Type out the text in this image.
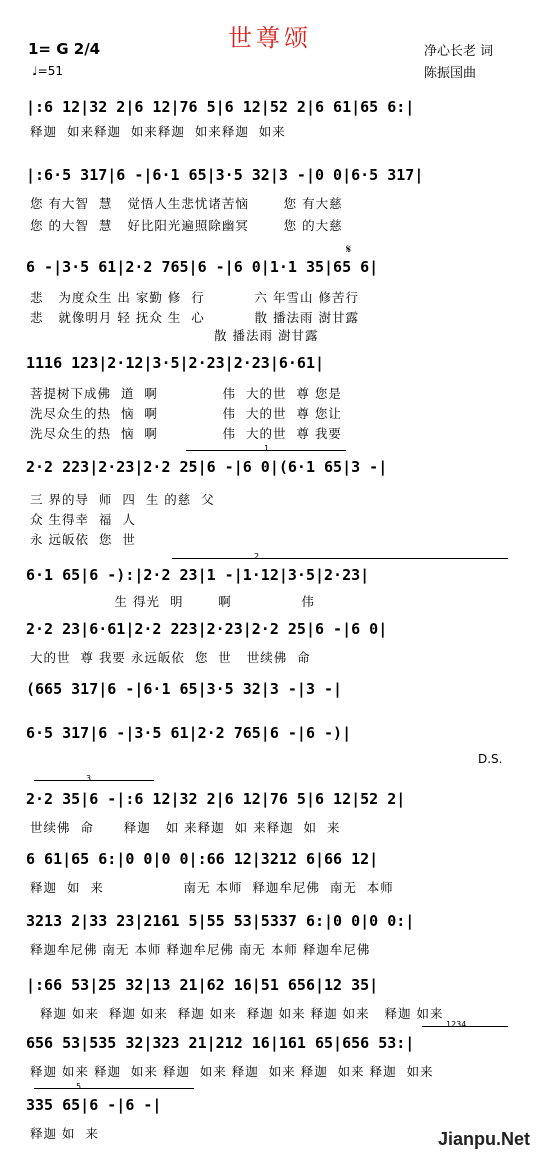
世尊颂
1= G 2/4
♩=51
净心长老 词
陈振国曲
|:6 12|32 2|6 12|76 5|6 12|52 2|6 61|65 6:|
释迦  如来释迦  如来释迦  如来释迦  如来
|:6·5 317|6 -|6·1 65|3·5 32|3 -|0 0|6·5 317|
您 有大智  慧   觉悟人生悲忧诸苦恼       您 有大慈
您 的大智  慧   好比阳光遍照除幽冥       您 的大慈
𝄋
6 -|3·5 61|2·2 765|6 -|6 0|1·1 35|65 6|
悲   为度众生 出 家勤 修  行          六 年雪山 修苦行
悲   就像明月 轻 抚众 生  心          散 播法雨 澍甘露
散 播法雨 澍甘露
1116 123|2·12|3·5|2·23|2·23|6·61|
菩提树下成佛  道  啊             伟  大的世  尊 您是
洗尽众生的热  恼  啊             伟  大的世  尊 您让
洗尽众生的热  恼  啊             伟  大的世  尊 我要
1
2·2 223|2·23|2·2 25|6 -|6 0|(6·1 65|3 -|
三 界的导  师  四  生 的慈  父
众 生得幸  福  人
永 远皈依  您  世
2
6·1 65|6 -):|2·2 23|1 -|1·12|3·5|2·23|
生 得光  明       啊              伟
2·2 23|6·61|2·2 223|2·23|2·2 25|6 -|6 0|
大的世  尊 我要 永远皈依  您  世   世续佛  命
(665 317|6 -|6·1 65|3·5 32|3 -|3 -|
6·5 317|6 -|3·5 61|2·2 765|6 -|6 -)|
D.S.
3
2·2 35|6 -|:6 12|32 2|6 12|76 5|6 12|52 2|
世续佛  命      释迦   如 来释迦  如 来释迦  如  来
6 61|65 6:|0 0|0 0|:66 12|3212 6|66 12|
释迦  如  来                南无 本师  释迦牟尼佛  南无  本师
3213 2|33 23|2161 5|55 53|5337 6:|0 0|0 0:|
释迦牟尼佛 南无 本师 释迦牟尼佛 南无 本师 释迦牟尼佛
|:66 53|25 32|13 21|62 16|51 656|12 35|
释迦 如来  释迦 如来  释迦 如来  释迦 如来 释迦 如来   释迦 如来
1234
656 53|535 32|323 21|212 16|161 65|656 53:|
释迦 如来 释迦  如来 释迦  如来 释迦  如来 释迦  如来 释迦  如来
5
335 65|6 -|6 -|
释迦 如  来	Jianpu.Net
